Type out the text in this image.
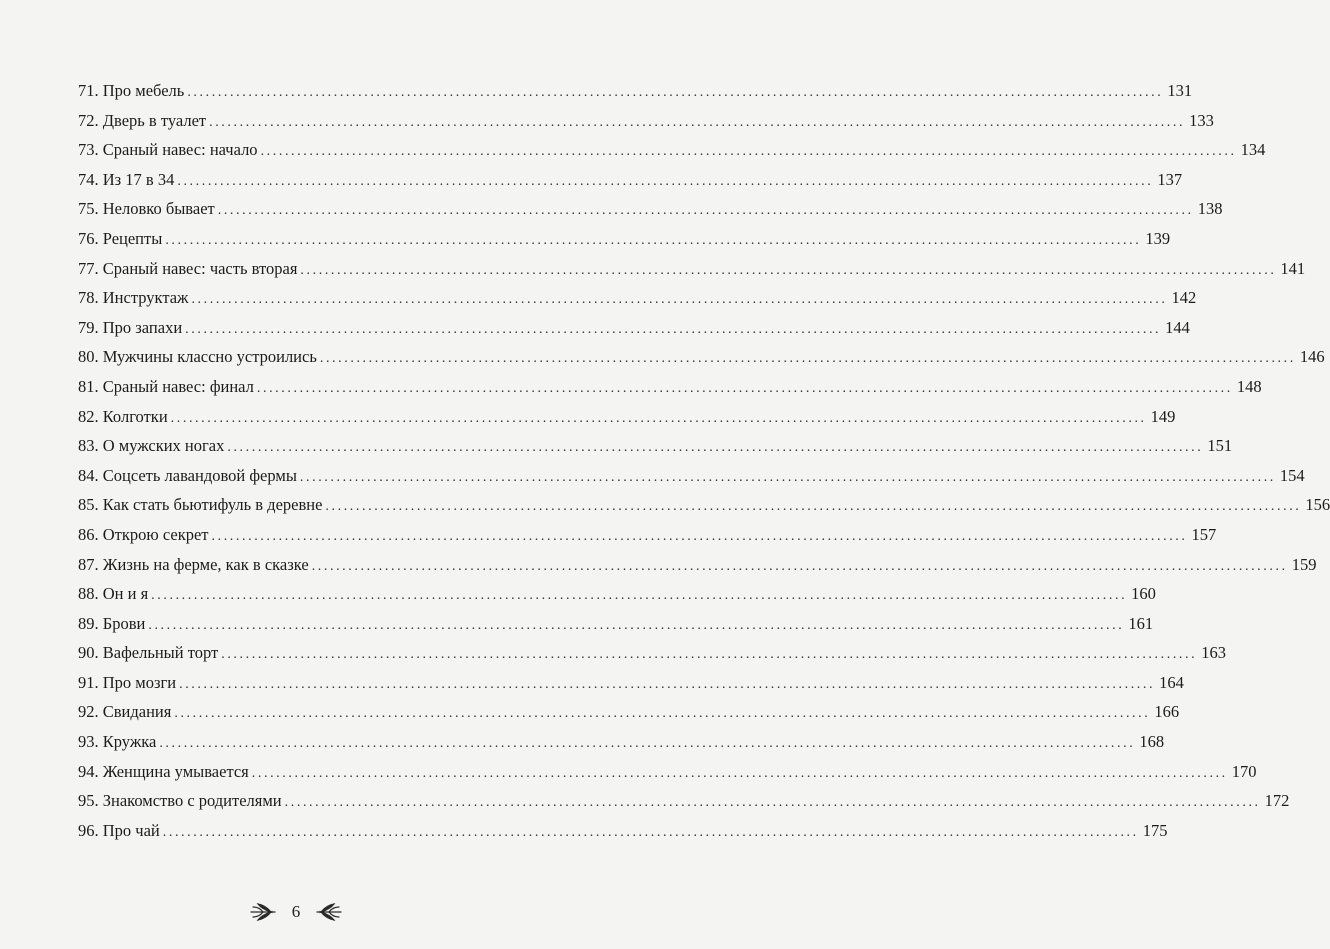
71. Про мебель ................................................................................................................................................................ 131
72. Дверь в туалет ................................................................................................................................................................ 133
73. Сраный навес: начало ................................................................................................................................................................ 134
74. Из 17 в 34 ................................................................................................................................................................ 137
75. Неловко бывает ................................................................................................................................................................ 138
76. Рецепты ................................................................................................................................................................ 139
77. Сраный навес: часть вторая ................................................................................................................................................................ 141
78. Инструктаж ................................................................................................................................................................ 142
79. Про запахи ................................................................................................................................................................ 144
80. Мужчины классно устроились ................................................................................................................................................................ 146
81. Сраный навес: финал ................................................................................................................................................................ 148
82. Колготки ................................................................................................................................................................ 149
83. О мужских ногах ................................................................................................................................................................ 151
84. Соцсеть лавандовой фермы ................................................................................................................................................................ 154
85. Как стать бьютифуль в деревне ................................................................................................................................................................ 156
86. Открою секрет ................................................................................................................................................................ 157
87. Жизнь на ферме, как в сказке ................................................................................................................................................................ 159
88. Он и я ................................................................................................................................................................ 160
89. Брови ................................................................................................................................................................ 161
90. Вафельный торт ................................................................................................................................................................ 163
91. Про мозги ................................................................................................................................................................ 164
92. Свидания ................................................................................................................................................................ 166
93. Кружка ................................................................................................................................................................ 168
94. Женщина умывается ................................................................................................................................................................ 170
95. Знакомство с родителями ................................................................................................................................................................ 172
96. Про чай ................................................................................................................................................................ 175
6
